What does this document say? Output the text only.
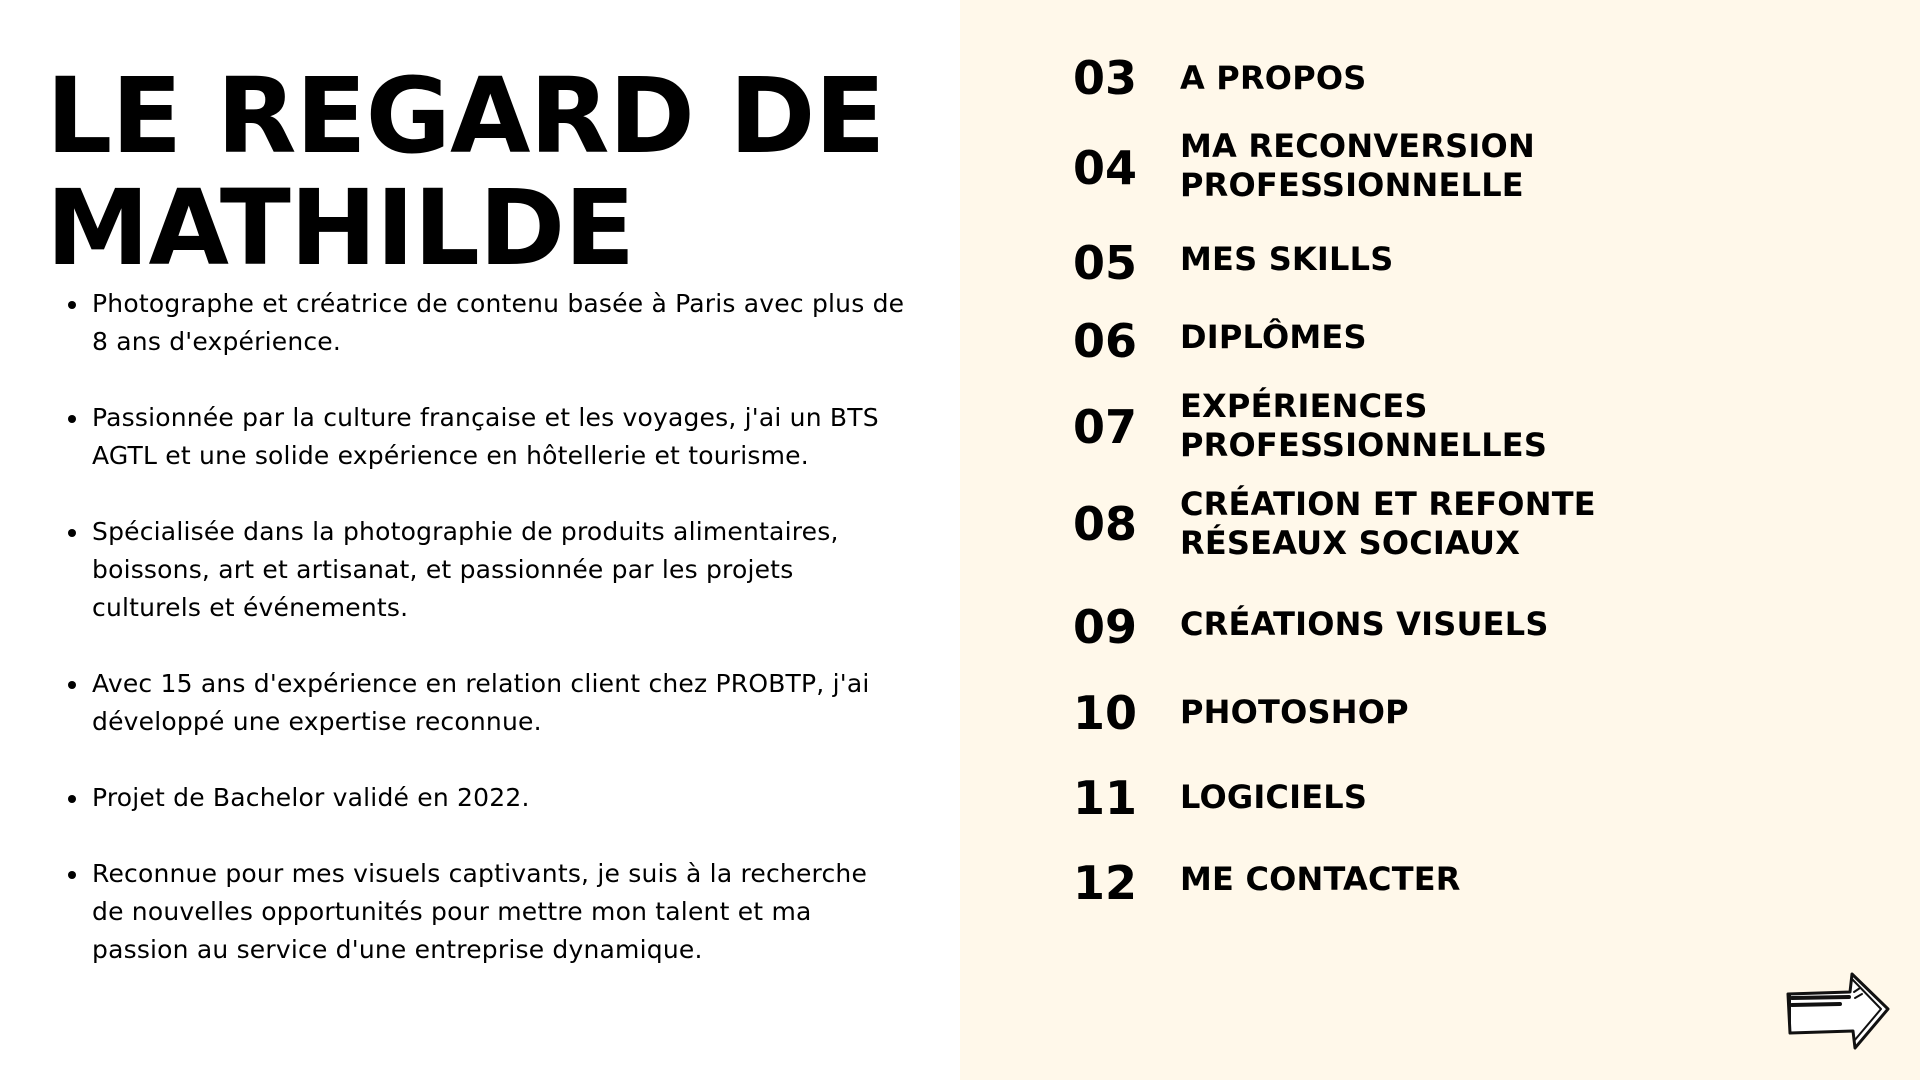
LE REGARD DE
MATHILDE
Photographe et créatrice de contenu basée à Paris avec plus de 8 ans d'expérience.
Passionnée par la culture française et les voyages, j'ai un BTS AGTL et une solide expérience en hôtellerie et tourisme.
Spécialisée dans la photographie de produits alimentaires, boissons, art et artisanat, et passionnée par les projets culturels et événements.
Avec 15 ans d'expérience en relation client chez PROBTP, j'ai développé une expertise reconnue.
Projet de Bachelor validé en 2022.
Reconnue pour mes visuels captivants, je suis à la recherche de nouvelles opportunités pour mettre mon talent et ma passion au service d'une entreprise dynamique.
03 A PROPOS
04 MA RECONVERSION
PROFESSIONNELLE
05 MES SKILLS
06 DIPLÔMES
07 EXPÉRIENCES
PROFESSIONNELLES
08 CRÉATION ET REFONTE
RÉSEAUX SOCIAUX
09 CRÉATIONS VISUELS
10 PHOTOSHOP
11 LOGICIELS
12 ME CONTACTER
